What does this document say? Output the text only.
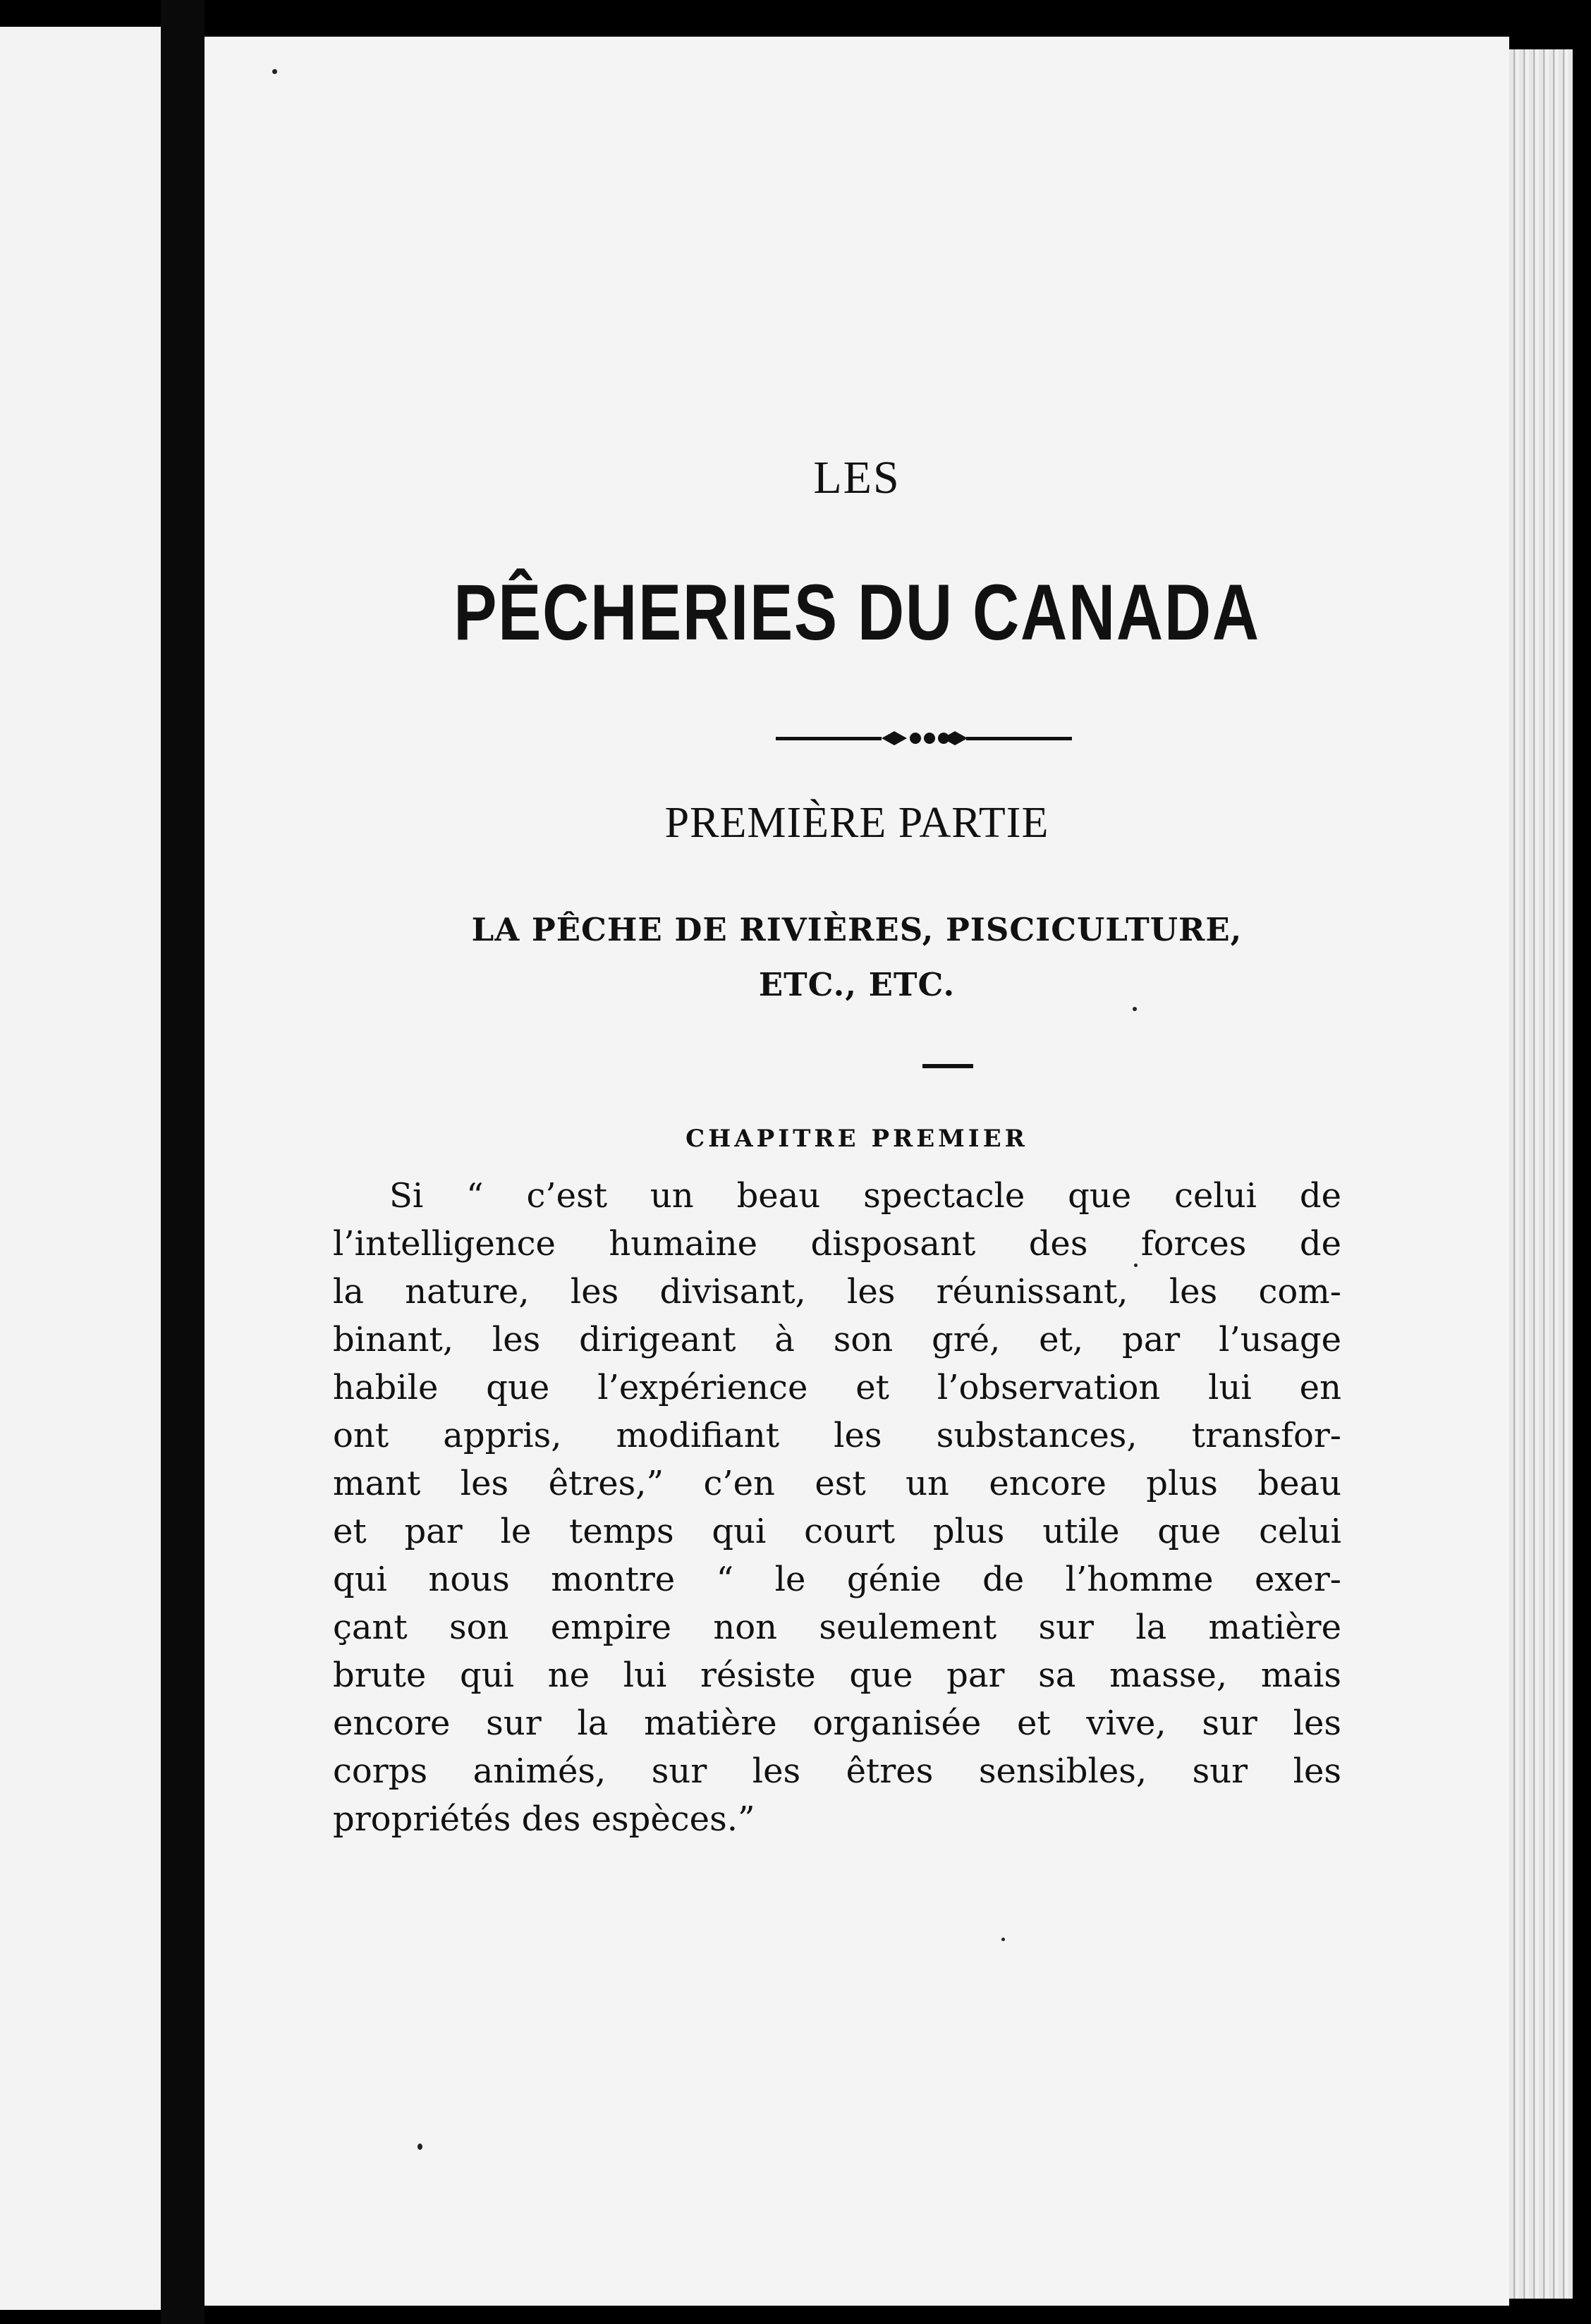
LES
PÊCHERIES DU CANADA
PREMIÈRE PARTIE
LA PÊCHE DE RIVIÈRES, PISCICULTURE,
ETC., ETC.
CHAPITRE PREMIER
Si “ c’est un beau spectacle que celui de
l’intelligence humaine disposant des forces de
la nature, les divisant, les réunissant, les com-
binant, les dirigeant à son gré, et, par l’usage
habile que l’expérience et l’observation lui en
ont appris, modifiant les substances, transfor-
mant les êtres,” c’en est un encore plus beau
et par le temps qui court plus utile que celui
qui nous montre “ le génie de l’homme exer-
çant son empire non seulement sur la matière
brute qui ne lui résiste que par sa masse, mais
encore sur la matière organisée et vive, sur les
corps animés, sur les êtres sensibles, sur les
propriétés des espèces.”
